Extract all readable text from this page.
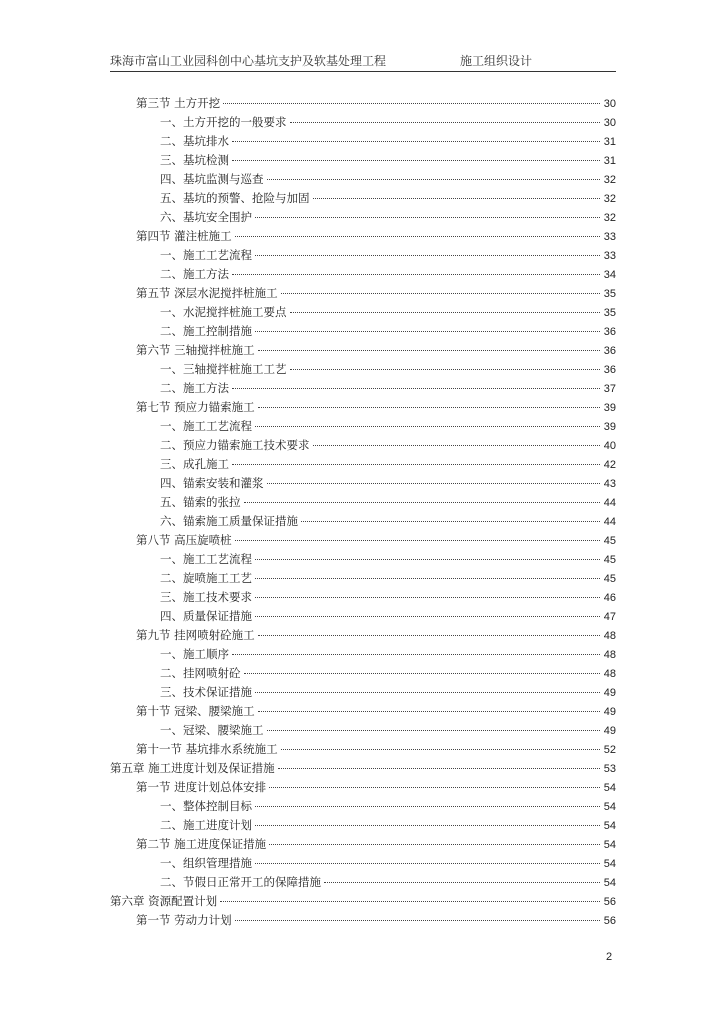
珠海市富山工业园科创中心基坑支护及软基处理工程	施工组织设计
第三节 土方开挖	30
一、土方开挖的一般要求	30
二、基坑排水	31
三、基坑检测	31
四、基坑监测与巡查	32
五、基坑的预警、抢险与加固	32
六、基坑安全围护	32
第四节 灌注桩施工	33
一、施工工艺流程	33
二、施工方法	34
第五节 深层水泥搅拌桩施工	35
一、水泥搅拌桩施工要点	35
二、施工控制措施	36
第六节 三轴搅拌桩施工	36
一、三轴搅拌桩施工工艺	36
二、施工方法	37
第七节 预应力锚索施工	39
一、施工工艺流程	39
二、预应力锚索施工技术要求	40
三、成孔施工	42
四、锚索安装和灌浆	43
五、锚索的张拉	44
六、锚索施工质量保证措施	44
第八节 高压旋喷桩	45
一、施工工艺流程	45
二、旋喷施工工艺	45
三、施工技术要求	46
四、质量保证措施	47
第九节 挂网喷射砼施工	48
一、施工顺序	48
二、挂网喷射砼	48
三、技术保证措施	49
第十节 冠梁、腰梁施工	49
一、冠梁、腰梁施工	49
第十一节 基坑排水系统施工	52
第五章 施工进度计划及保证措施	53
第一节 进度计划总体安排	54
一、整体控制目标	54
二、施工进度计划	54
第二节 施工进度保证措施	54
一、组织管理措施	54
二、节假日正常开工的保障措施	54
第六章 资源配置计划	56
第一节 劳动力计划	56
2
